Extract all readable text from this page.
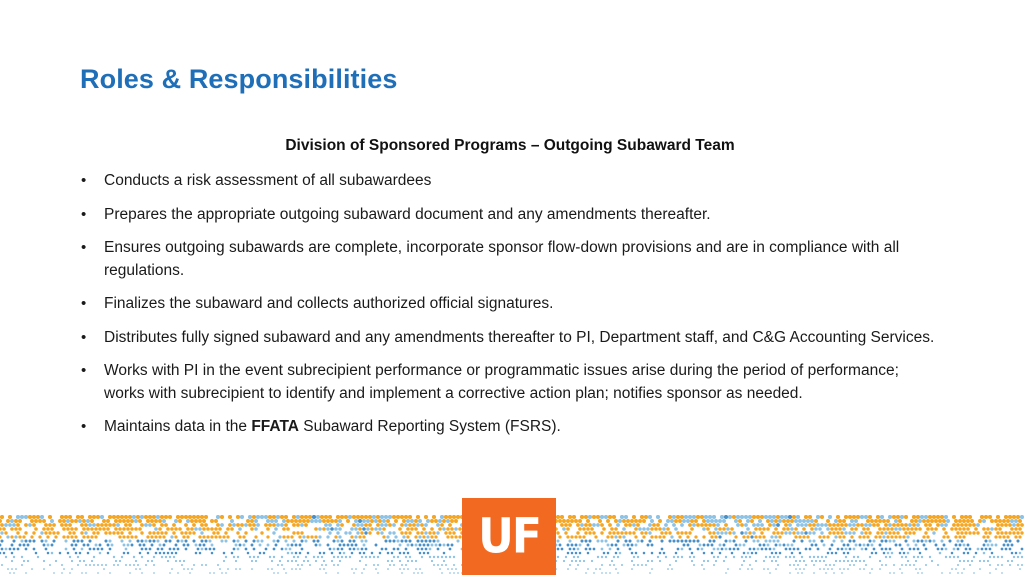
Roles & Responsibilities
Division of Sponsored Programs – Outgoing Subaward Team
• Conducts a risk assessment of all subawardees
• Prepares the appropriate outgoing subaward document and any amendments thereafter.
• Ensures outgoing subawards are complete, incorporate sponsor flow-down provisions and are in compliance with all regulations.
• Finalizes the subaward and collects authorized official signatures.
• Distributes fully signed subaward and any amendments thereafter to PI, Department staff, and C&G Accounting Services.
• Works with PI in the event subrecipient performance or programmatic issues arise during the period of performance; works with subrecipient to identify and implement a corrective action plan; notifies sponsor as needed.
• Maintains data in the FFATA Subaward Reporting System (FSRS).
UF
